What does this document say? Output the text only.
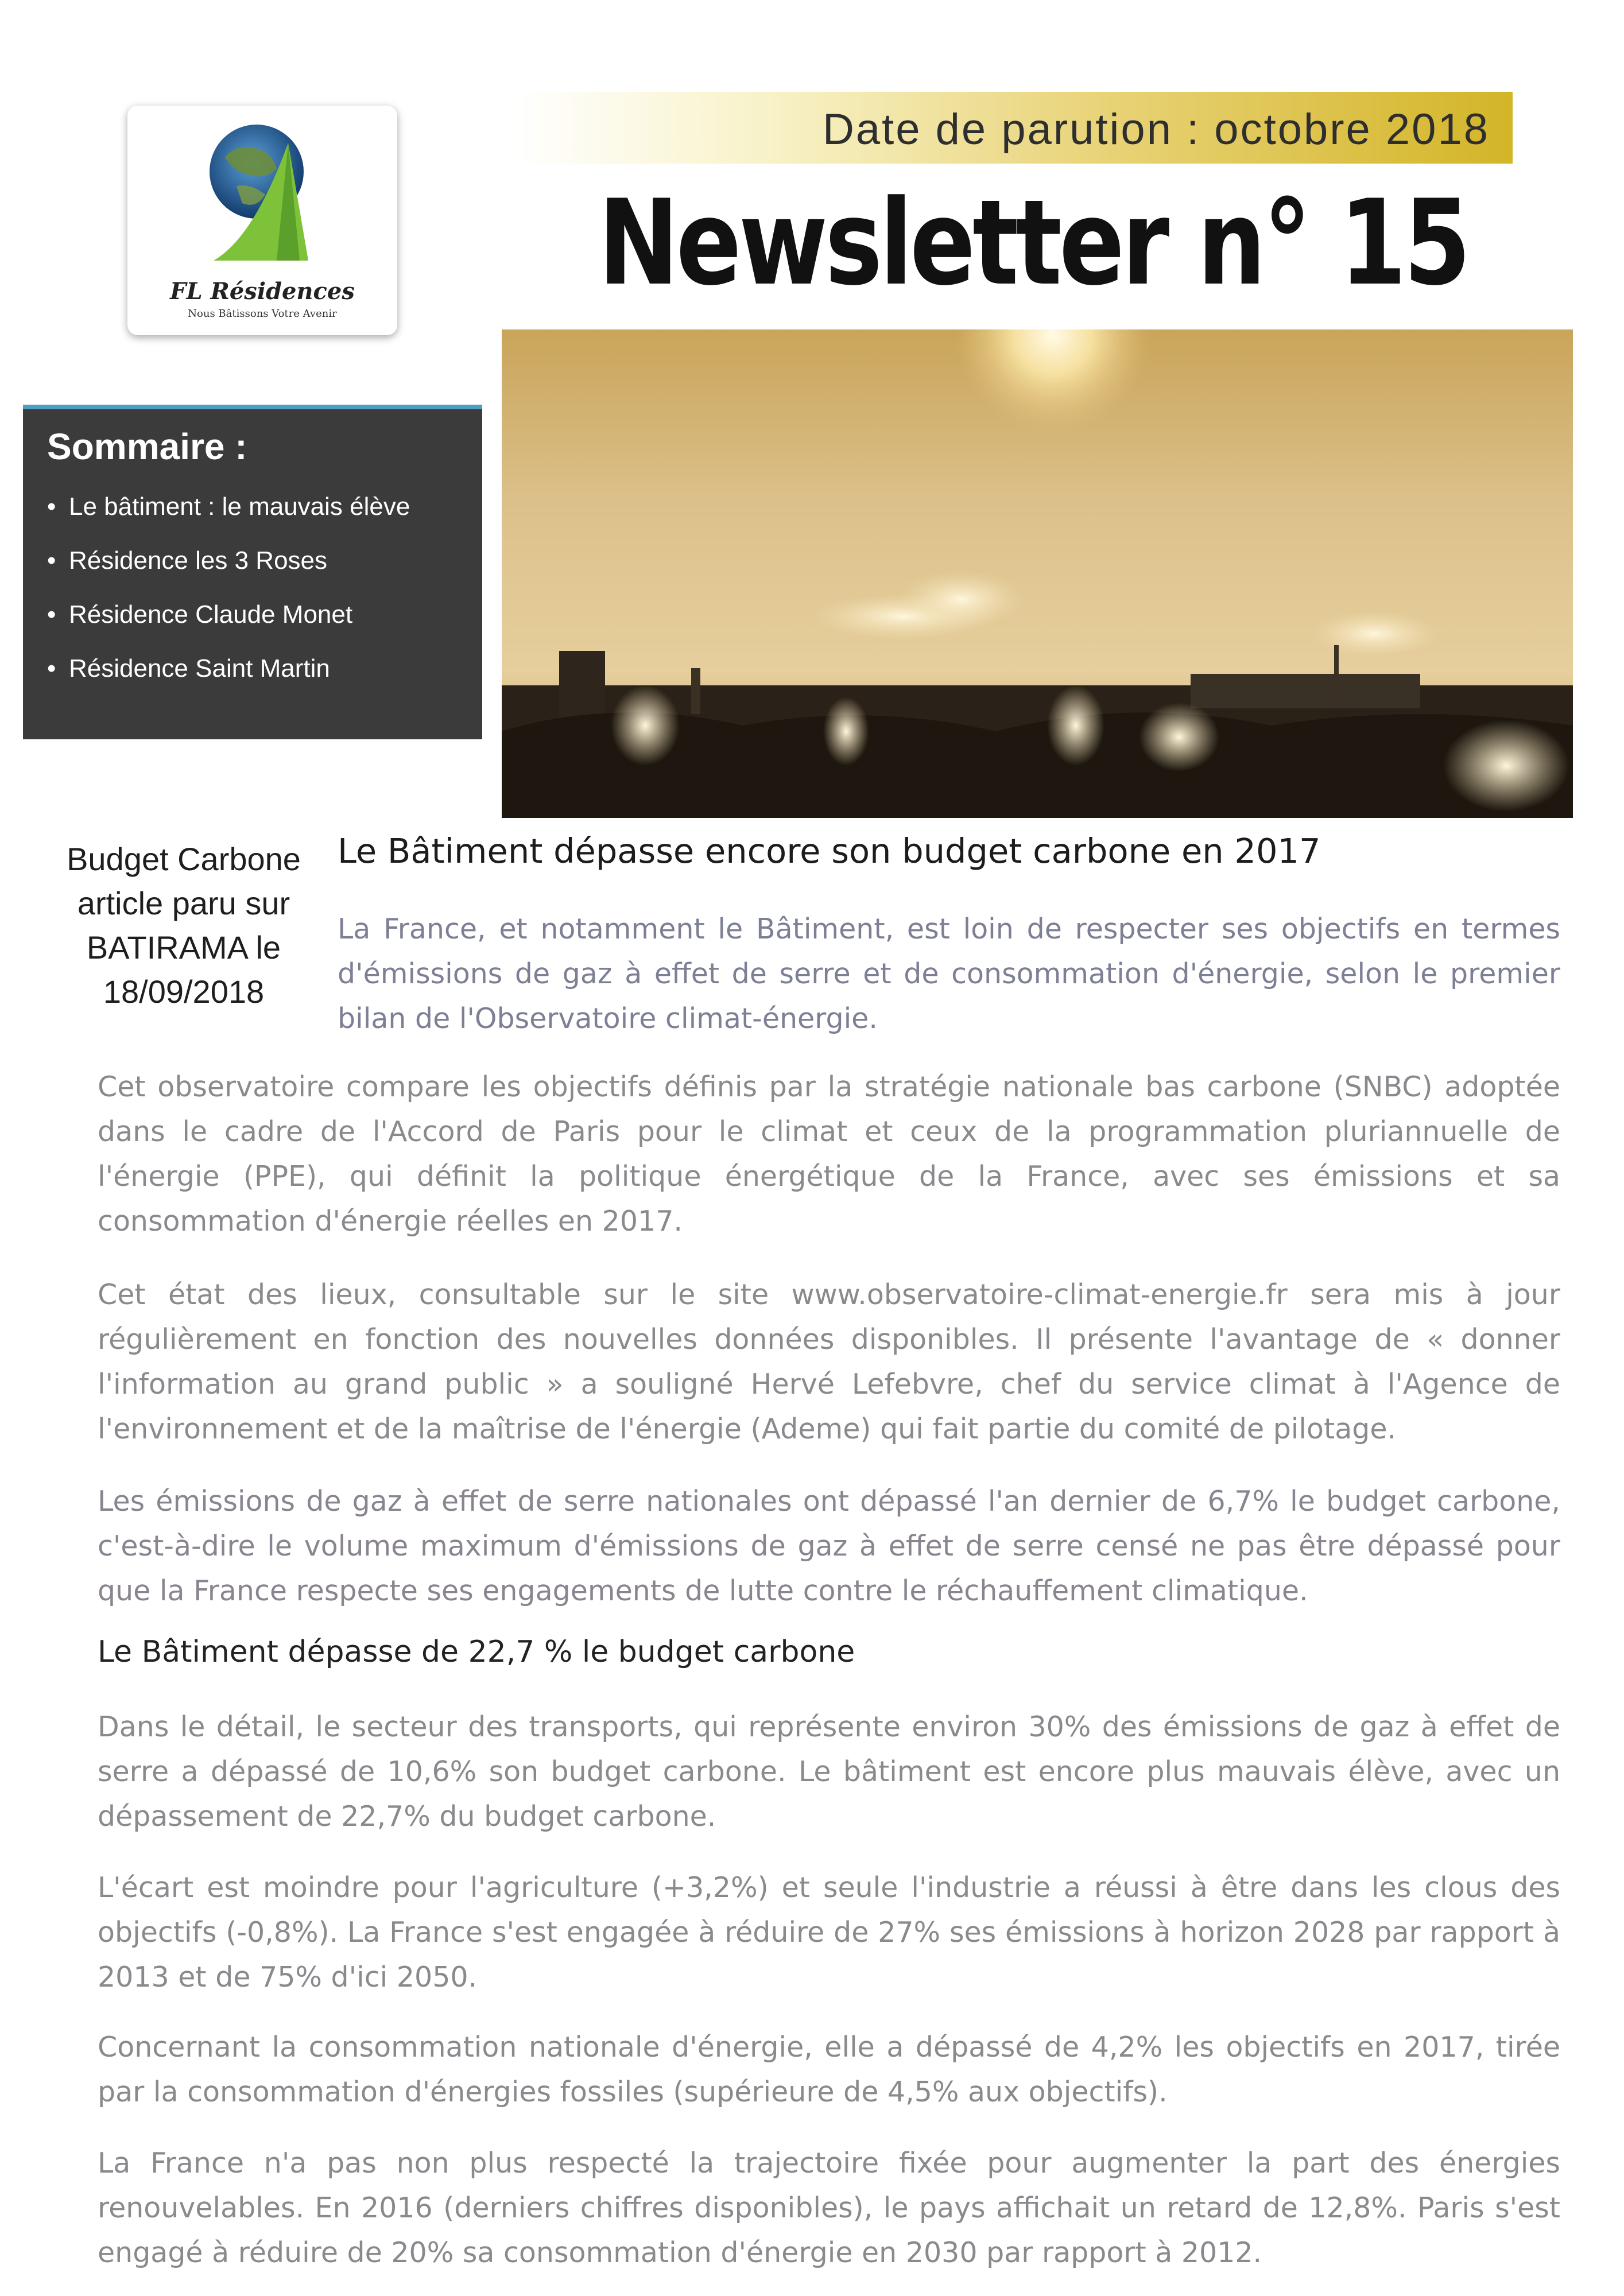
FL Résidences
Nous Bâtissons Votre Avenir
Date de parution : octobre 2018
Newsletter n° 15
Sommaire :
• Le bâtiment : le mauvais élève
• Résidence les 3 Roses
• Résidence Claude Monet
• Résidence Saint Martin
Budget Carbone
article paru sur
BATIRAMA le
18/09/2018
Le Bâtiment dépasse encore son budget carbone en 2017

La France, et notamment le Bâtiment, est loin de respecter ses objectifs en termes d'émissions de gaz à effet de serre et de consommation d'énergie, selon le premier bilan de l'Observatoire climat-énergie.

Cet observatoire compare les objectifs définis par la stratégie nationale bas carbone (SNBC) adoptée dans le cadre de l'Accord de Paris pour le climat et ceux de la programmation pluriannuelle de l'énergie (PPE), qui définit la politique énergétique de la France, avec ses émissions et sa consommation d'énergie réelles en 2017.

Cet état des lieux, consultable sur le site www.observatoire-climat-energie.fr sera mis à jour régulièrement en fonction des nouvelles données disponibles. Il présente l'avantage de « donner l'information au grand public » a souligné Hervé Lefebvre, chef du service climat à l'Agence de l'environnement et de la maîtrise de l'énergie (Ademe) qui fait partie du comité de pilotage.

Les émissions de gaz à effet de serre nationales ont dépassé l'an dernier de 6,7% le budget carbone, c'est-à-dire le volume maximum d'émissions de gaz à effet de serre censé ne pas être dépassé pour que la France respecte ses engagements de lutte contre le réchauffement climatique.

Le Bâtiment dépasse de 22,7 % le budget carbone

Dans le détail, le secteur des transports, qui représente environ 30% des émissions de gaz à effet de serre a dépassé de 10,6% son budget carbone. Le bâtiment est encore plus mauvais élève, avec un dépassement de 22,7% du budget carbone.

L'écart est moindre pour l'agriculture (+3,2%) et seule l'industrie a réussi à être dans les clous des objectifs (-0,8%). La France s'est engagée à réduire de 27% ses émissions à horizon 2028 par rapport à 2013 et de 75% d'ici 2050.

Concernant la consommation nationale d'énergie, elle a dépassé de 4,2% les objectifs en 2017, tirée par la consommation d'énergies fossiles (supérieure de 4,5% aux objectifs).

La France n'a pas non plus respecté la trajectoire fixée pour augmenter la part des énergies renouvelables. En 2016 (derniers chiffres disponibles), le pays affichait un retard de 12,8%. Paris s'est engagé à réduire de 20% sa consommation d'énergie en 2030 par rapport à 2012.
